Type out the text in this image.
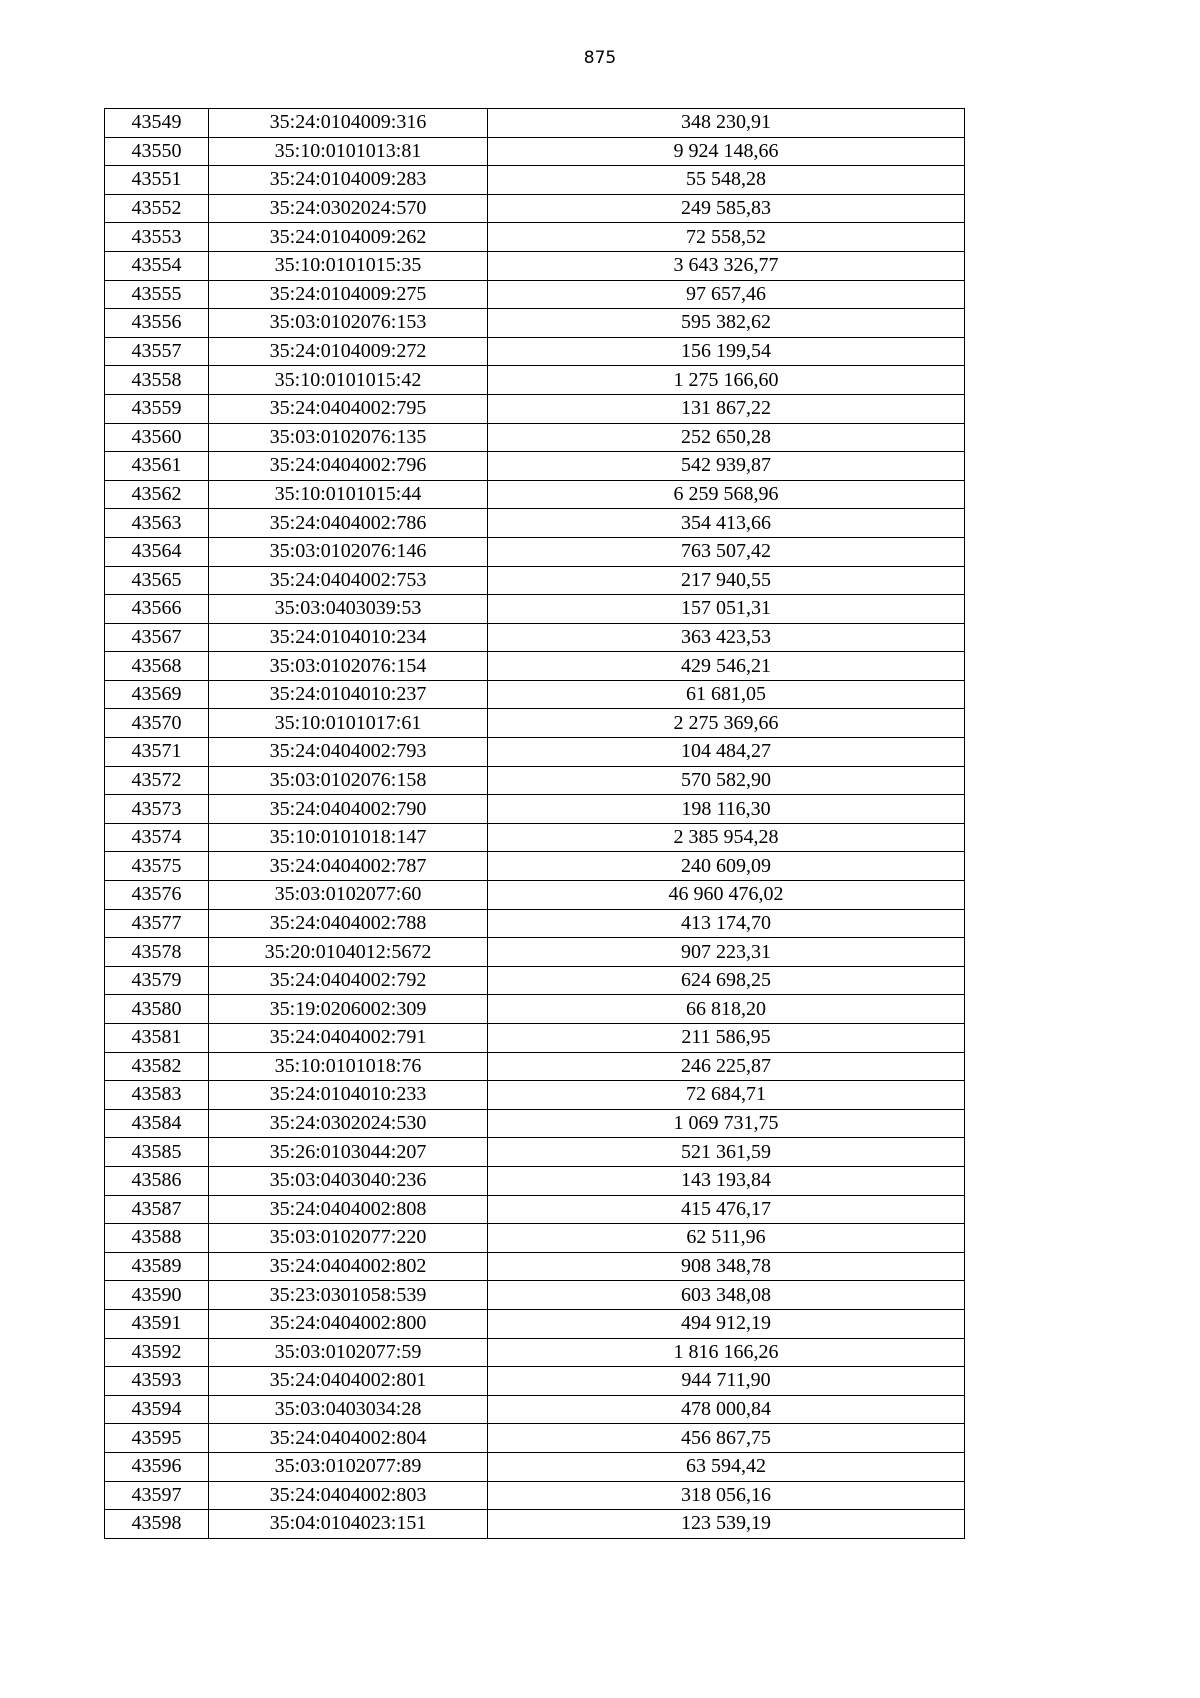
875
43549	35:24:0104009:316	348 230,91
43550	35:10:0101013:81	9 924 148,66
43551	35:24:0104009:283	55 548,28
43552	35:24:0302024:570	249 585,83
43553	35:24:0104009:262	72 558,52
43554	35:10:0101015:35	3 643 326,77
43555	35:24:0104009:275	97 657,46
43556	35:03:0102076:153	595 382,62
43557	35:24:0104009:272	156 199,54
43558	35:10:0101015:42	1 275 166,60
43559	35:24:0404002:795	131 867,22
43560	35:03:0102076:135	252 650,28
43561	35:24:0404002:796	542 939,87
43562	35:10:0101015:44	6 259 568,96
43563	35:24:0404002:786	354 413,66
43564	35:03:0102076:146	763 507,42
43565	35:24:0404002:753	217 940,55
43566	35:03:0403039:53	157 051,31
43567	35:24:0104010:234	363 423,53
43568	35:03:0102076:154	429 546,21
43569	35:24:0104010:237	61 681,05
43570	35:10:0101017:61	2 275 369,66
43571	35:24:0404002:793	104 484,27
43572	35:03:0102076:158	570 582,90
43573	35:24:0404002:790	198 116,30
43574	35:10:0101018:147	2 385 954,28
43575	35:24:0404002:787	240 609,09
43576	35:03:0102077:60	46 960 476,02
43577	35:24:0404002:788	413 174,70
43578	35:20:0104012:5672	907 223,31
43579	35:24:0404002:792	624 698,25
43580	35:19:0206002:309	66 818,20
43581	35:24:0404002:791	211 586,95
43582	35:10:0101018:76	246 225,87
43583	35:24:0104010:233	72 684,71
43584	35:24:0302024:530	1 069 731,75
43585	35:26:0103044:207	521 361,59
43586	35:03:0403040:236	143 193,84
43587	35:24:0404002:808	415 476,17
43588	35:03:0102077:220	62 511,96
43589	35:24:0404002:802	908 348,78
43590	35:23:0301058:539	603 348,08
43591	35:24:0404002:800	494 912,19
43592	35:03:0102077:59	1 816 166,26
43593	35:24:0404002:801	944 711,90
43594	35:03:0403034:28	478 000,84
43595	35:24:0404002:804	456 867,75
43596	35:03:0102077:89	63 594,42
43597	35:24:0404002:803	318 056,16
43598	35:04:0104023:151	123 539,19
